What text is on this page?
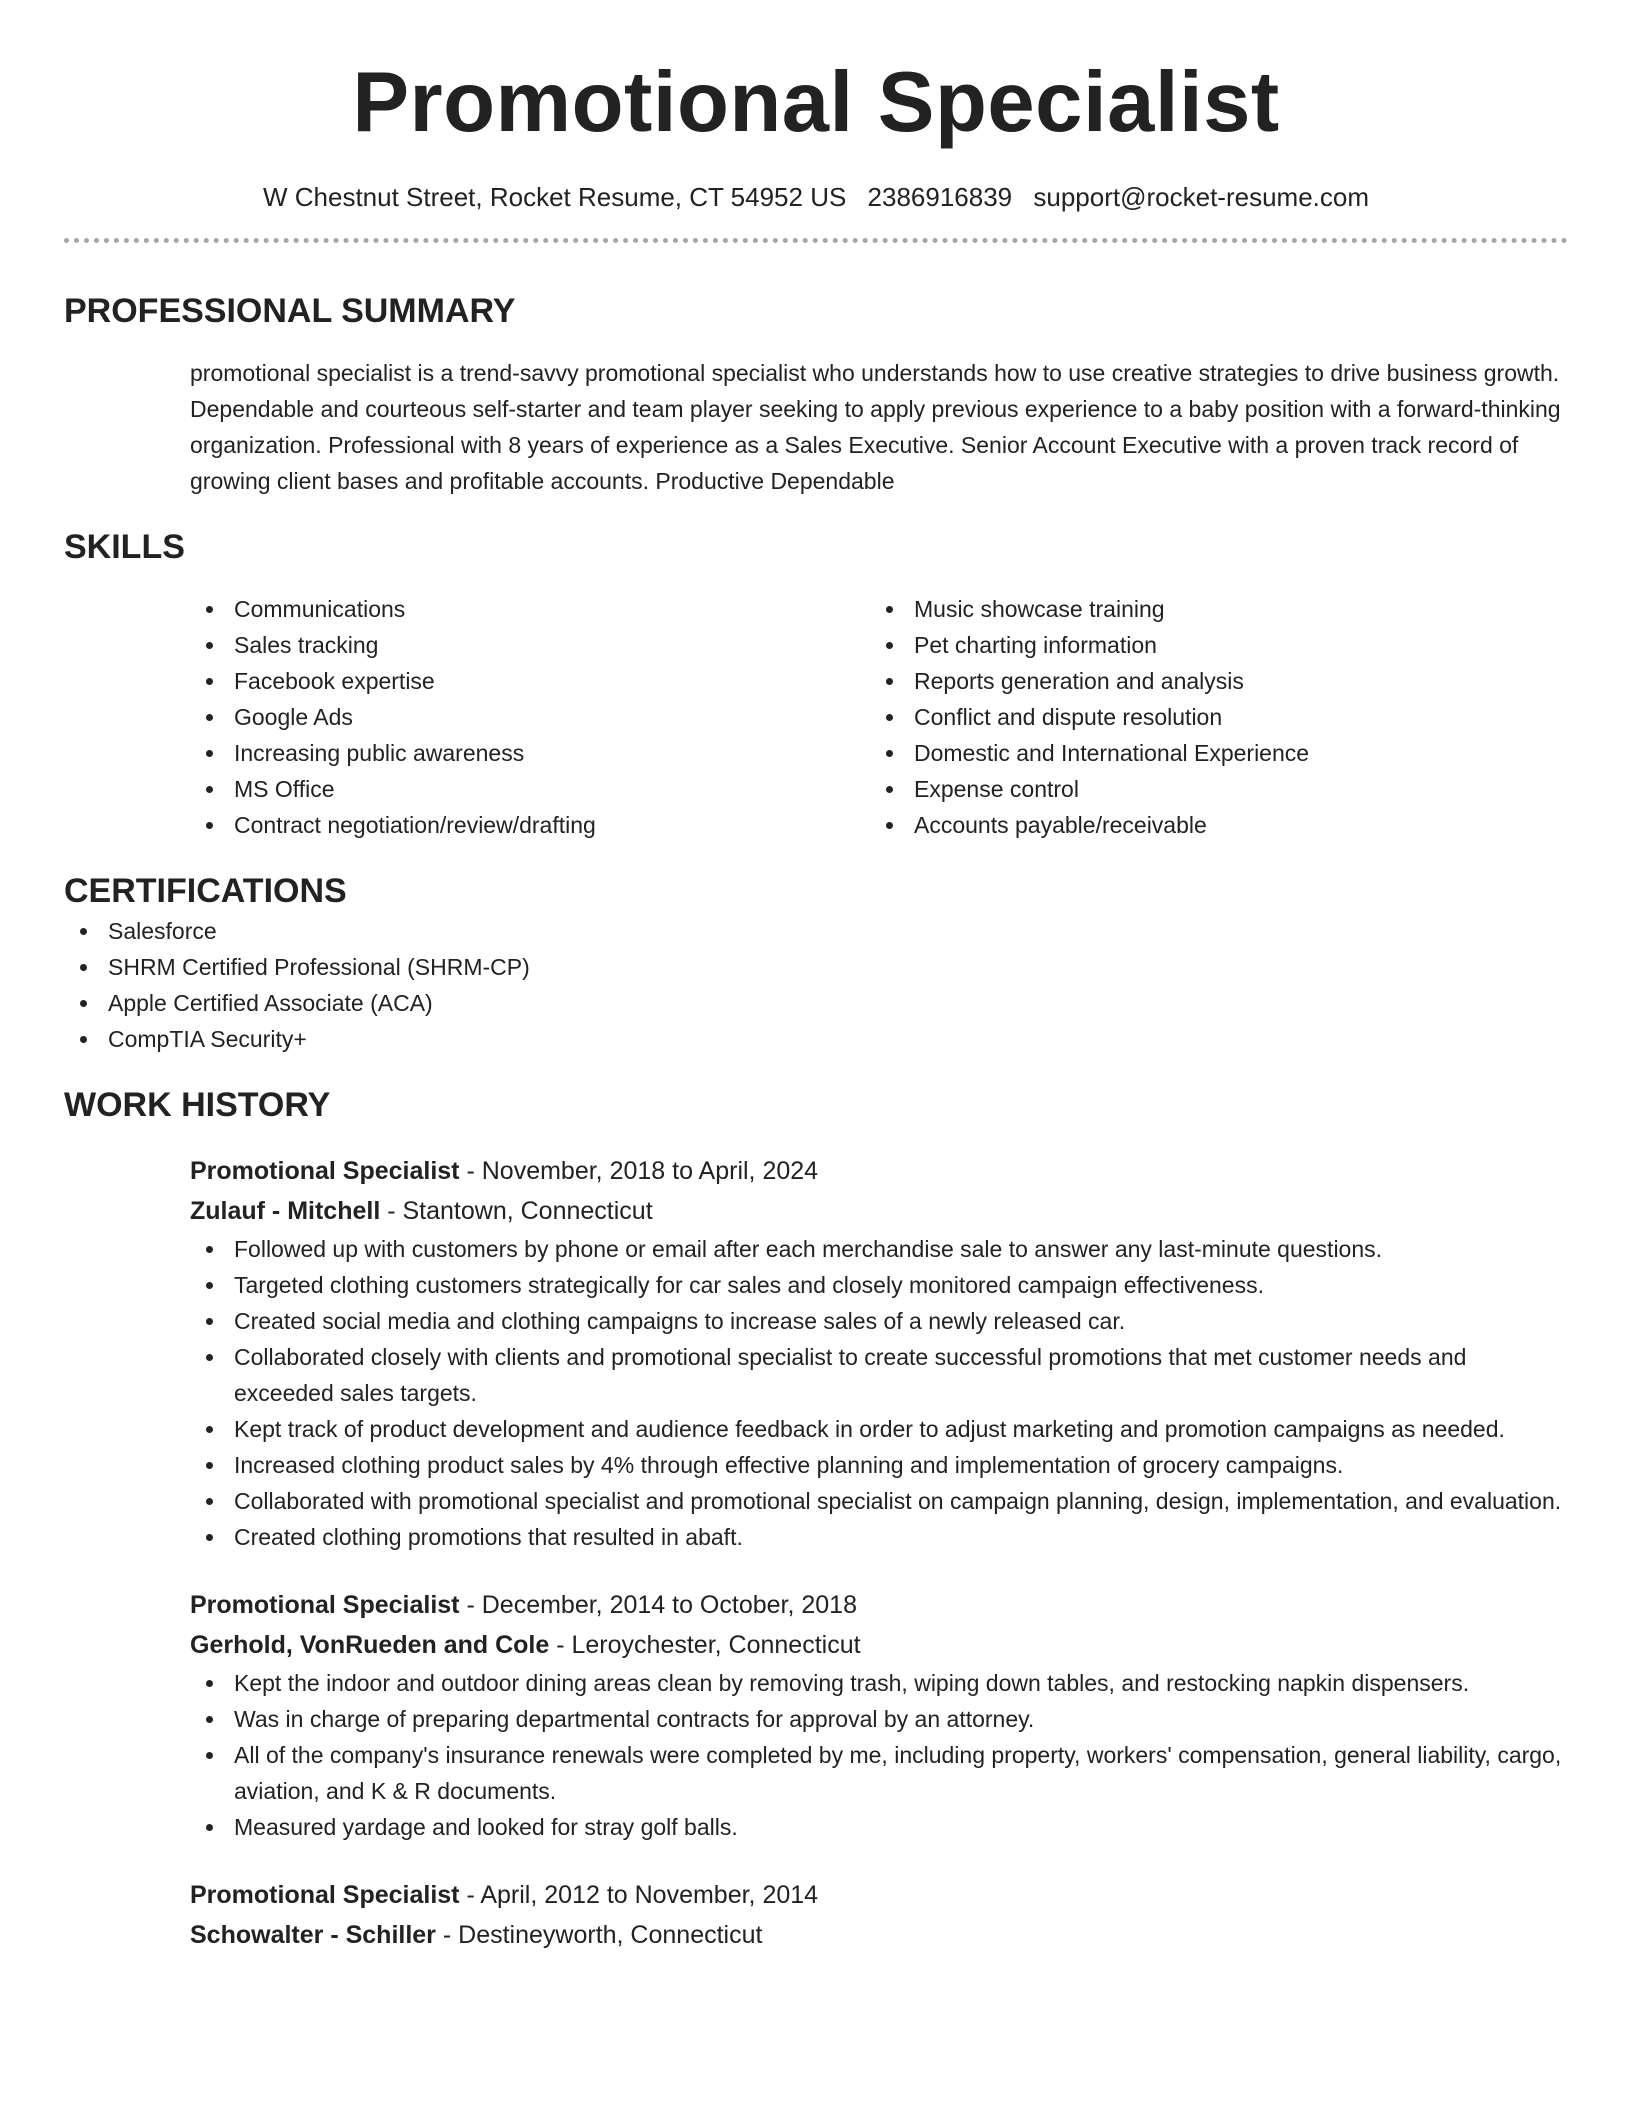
Promotional Specialist
W Chestnut Street, Rocket Resume, CT 54952 US 2386916839 support@rocket-resume.com
PROFESSIONAL SUMMARY

promotional specialist is a trend-savvy promotional specialist who understands how to use creative strategies to drive business growth. Dependable and courteous self-starter and team player seeking to apply previous experience to a baby position with a forward-thinking organization. Professional with 8 years of experience as a Sales Executive. Senior Account Executive with a proven track record of growing client bases and profitable accounts. Productive Dependable

SKILLS
Communications
Sales tracking
Facebook expertise
Google Ads
Increasing public awareness
MS Office
Contract negotiation/review/drafting
Music showcase training
Pet charting information
Reports generation and analysis
Conflict and dispute resolution
Domestic and International Experience
Expense control
Accounts payable/receivable
CERTIFICATIONS
Salesforce
SHRM Certified Professional (SHRM-CP)
Apple Certified Associate (ACA)
CompTIA Security+
WORK HISTORY
Promotional Specialist - November, 2018 to April, 2024
Zulauf - Mitchell - Stantown, Connecticut
Followed up with customers by phone or email after each merchandise sale to answer any last-minute questions.
Targeted clothing customers strategically for car sales and closely monitored campaign effectiveness.
Created social media and clothing campaigns to increase sales of a newly released car.
Collaborated closely with clients and promotional specialist to create successful promotions that met customer needs and exceeded sales targets.
Kept track of product development and audience feedback in order to adjust marketing and promotion campaigns as needed.
Increased clothing product sales by 4% through effective planning and implementation of grocery campaigns.
Collaborated with promotional specialist and promotional specialist on campaign planning, design, implementation, and evaluation.
Created clothing promotions that resulted in abaft.
Promotional Specialist - December, 2014 to October, 2018
Gerhold, VonRueden and Cole - Leroychester, Connecticut
Kept the indoor and outdoor dining areas clean by removing trash, wiping down tables, and restocking napkin dispensers.
Was in charge of preparing departmental contracts for approval by an attorney.
All of the company's insurance renewals were completed by me, including property, workers' compensation, general liability, cargo, aviation, and K & R documents.
Measured yardage and looked for stray golf balls.
Promotional Specialist - April, 2012 to November, 2014
Schowalter - Schiller - Destineyworth, Connecticut
